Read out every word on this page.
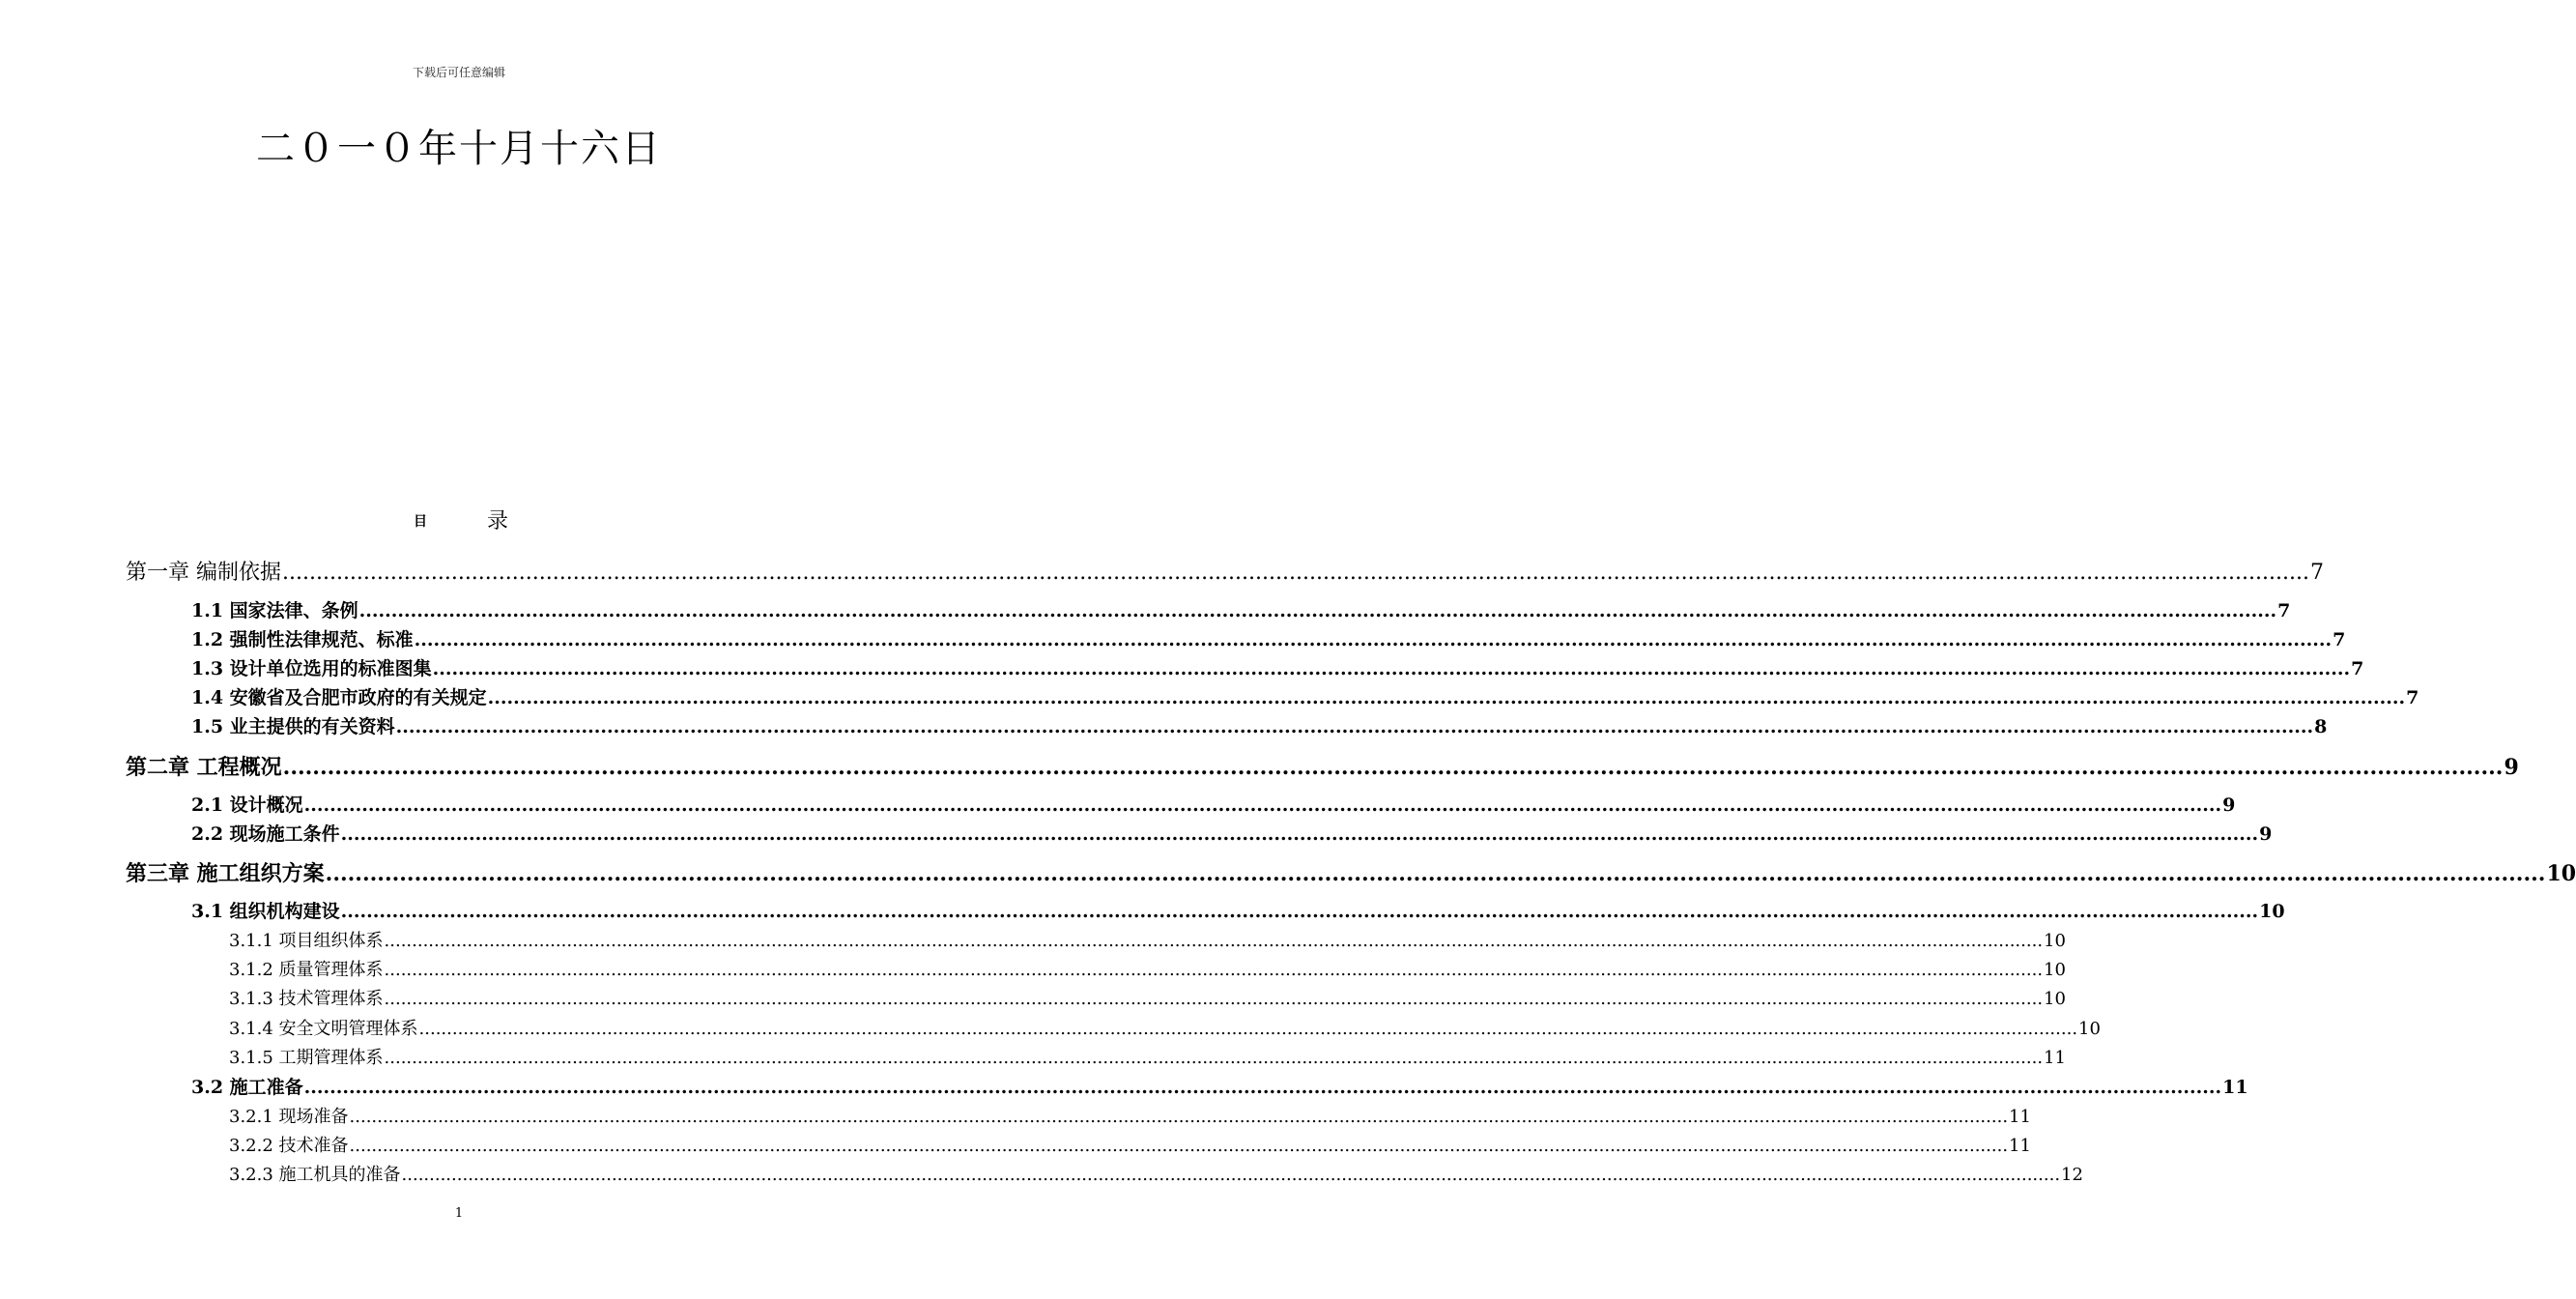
下载后可任意编辑
二０一０年十月十六日
目	录
第一章 编制依据 ............................................................................................................................................................................................................................................................................................................ 7
1.1 国家法律、条例 ............................................................................................................................................................................................................................................................................................................ 7
1.2 强制性法律规范、标准 ............................................................................................................................................................................................................................................................................................................ 7
1.3 设计单位选用的标准图集 ............................................................................................................................................................................................................................................................................................................ 7
1.4 安徽省及合肥市政府的有关规定 ............................................................................................................................................................................................................................................................................................................ 7
1.5 业主提供的有关资料 ............................................................................................................................................................................................................................................................................................................ 8
第二章 工程概况 ............................................................................................................................................................................................................................................................................................................ 9
2.1 设计概况 ............................................................................................................................................................................................................................................................................................................ 9
2.2 现场施工条件 ............................................................................................................................................................................................................................................................................................................ 9
第三章 施工组织方案 ............................................................................................................................................................................................................................................................................................................ 10
3.1 组织机构建设 ............................................................................................................................................................................................................................................................................................................ 10
3.1.1 项目组织体系 ............................................................................................................................................................................................................................................................................................................ 10
3.1.2 质量管理体系 ............................................................................................................................................................................................................................................................................................................ 10
3.1.3 技术管理体系 ............................................................................................................................................................................................................................................................................................................ 10
3.1.4 安全文明管理体系 ............................................................................................................................................................................................................................................................................................................ 10
3.1.5 工期管理体系 ............................................................................................................................................................................................................................................................................................................ 11
3.2 施工准备 ............................................................................................................................................................................................................................................................................................................ 11
3.2.1 现场准备 ............................................................................................................................................................................................................................................................................................................ 11
3.2.2 技术准备 ............................................................................................................................................................................................................................................................................................................ 11
3.2.3 施工机具的准备 ............................................................................................................................................................................................................................................................................................................ 12
1
